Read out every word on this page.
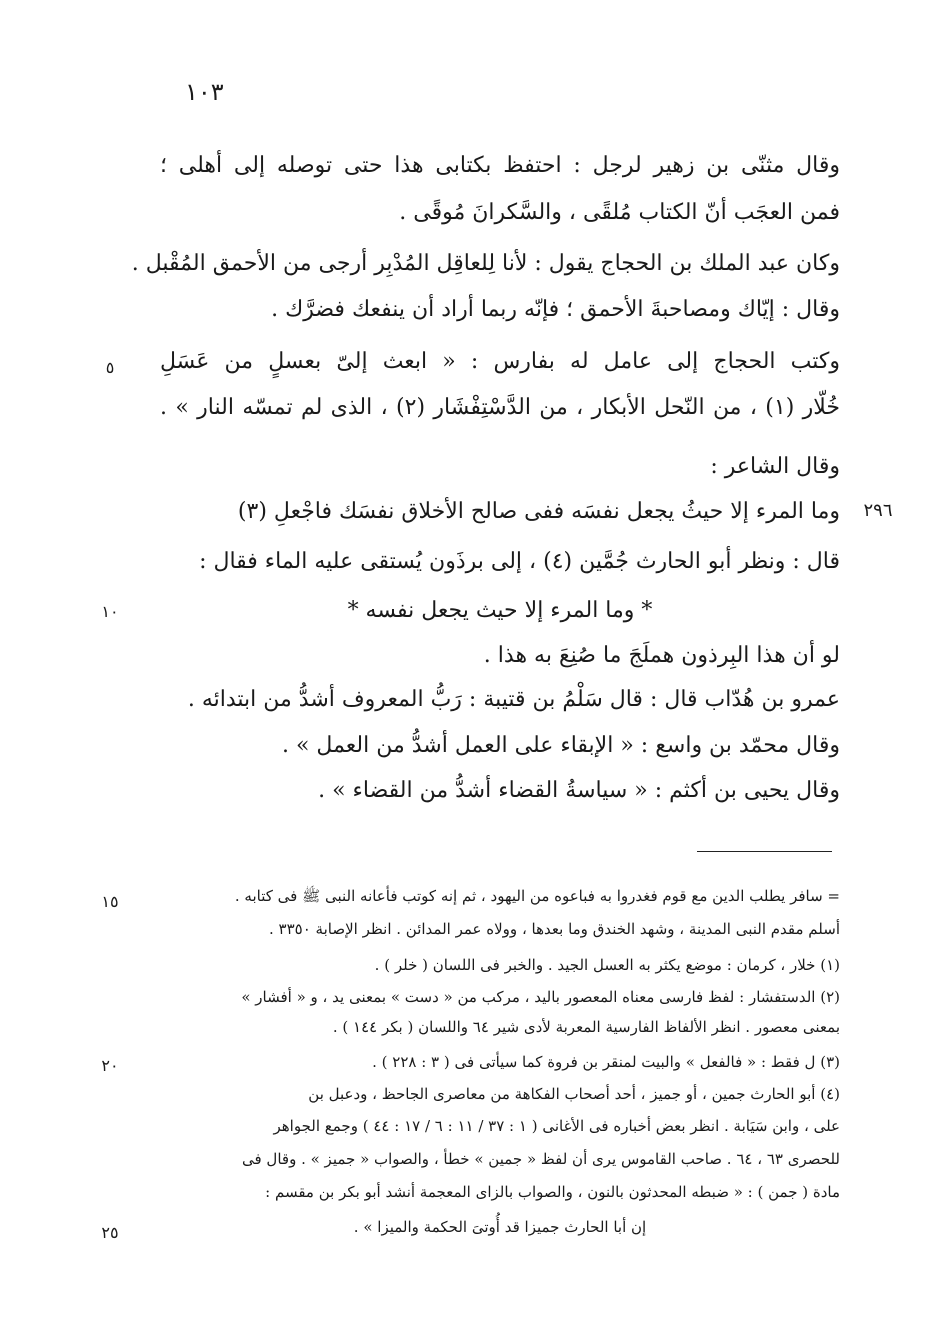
١٠٣
وقال مثنّى بن زهير لرجل : احتفظ بكتابى هذا حتى توصله إلى أهلى ؛
فمن العجَب أنّ الكتاب مُلقًى ، والسَّكرانَ مُوقًى .
وكان عبد الملك بن الحجاج يقول : لأنا لِلعاقِل المُدْبِر أرجى من الأحمق المُقْبل .
وقال : إيّاك ومصاحبةَ الأحمق ؛ فإنّه ربما أراد أن ينفعك فضرَّك .
وكتب الحجاج إلى عامل له بفارس : « ابعث إلىّ بعسلٍ من عَسَلِ
خُلّار (١) ، من النّحل الأبكار ، من الدَّسْتِفْشَار (٢) ، الذى لم تمسّه النار » .
وقال الشاعر :
وما المرء إلا حيثُ يجعل نفسَه ففى صالح الأخلاق نفسَك فاجْعلِ (٣)
قال : ونظر أبو الحارث جُمَّين (٤) ، إلى برذَون يُستقى عليه الماء فقال :
* وما المرء إلا حيث يجعل نفسه *
لو أن هذا البِرذون هملَجَ ما صُنِعَ به هذا .
عمرو بن هُدّاب قال : قال سَلْمُ بن قتيبة : رَبُّ المعروف أشدُّ من ابتدائه .
وقال محمّد بن واسع : « الإبقاء على العمل أشدُّ من العمل » .
وقال يحيى بن أكثم : « سياسةُ القضاء أشدُّ من القضاء » .
٥
٢٩٦
١٠
١٥
٢٠
٢٥
= سافر يطلب الدين مع قوم فغدروا به فباعوه من اليهود ، ثم إنه كوتب فأعانه النبى ﷺ فى كتابه .
أسلم مقدم النبى المدينة ، وشهد الخندق وما بعدها ، وولاه عمر المدائن . انظر الإصابة ٣٣٥٠ .
(١) خلار ، كرمان : موضع يكثر به العسل الجيد . والخبر فى اللسان ( خلر ) .
(٢) الدستفشار : لفظ فارسى معناه المعصور باليد ، مركب من « دست » بمعنى يد ، و « أفشار »
بمعنى معصور . انظر الألفاظ الفارسية المعربة لأدى شير ٦٤ واللسان ( بكر ١٤٤ ) .
(٣) ل فقط : « فالفعل » والبيت لمنقر بن فروة كما سيأتى فى ( ٣ : ٢٢٨ ) .
(٤) أبو الحارث جمين ، أو جميز ، أحد أصحاب الفكاهة من معاصرى الجاحظ ، ودعبل بن
على ، وابن سَيَابة . انظر بعض أخباره فى الأغانى ( ١ : ٣٧ / ١١ : ٦ / ١٧ : ٤٤ ) وجمع الجواهر
للحصرى ٦٣ ، ٦٤ . صاحب القاموس يرى أن لفظ « جمين » خطأ ، والصواب « جميز » . وقال فى
مادة ( جمن ) : « ضبطه المحدثون بالنون ، والصواب بالزاى المعجمة أنشد أبو بكر بن مقسم :
إن أبا الحارث جميزا قد أُوتىَ الحكمة والميزا » .
